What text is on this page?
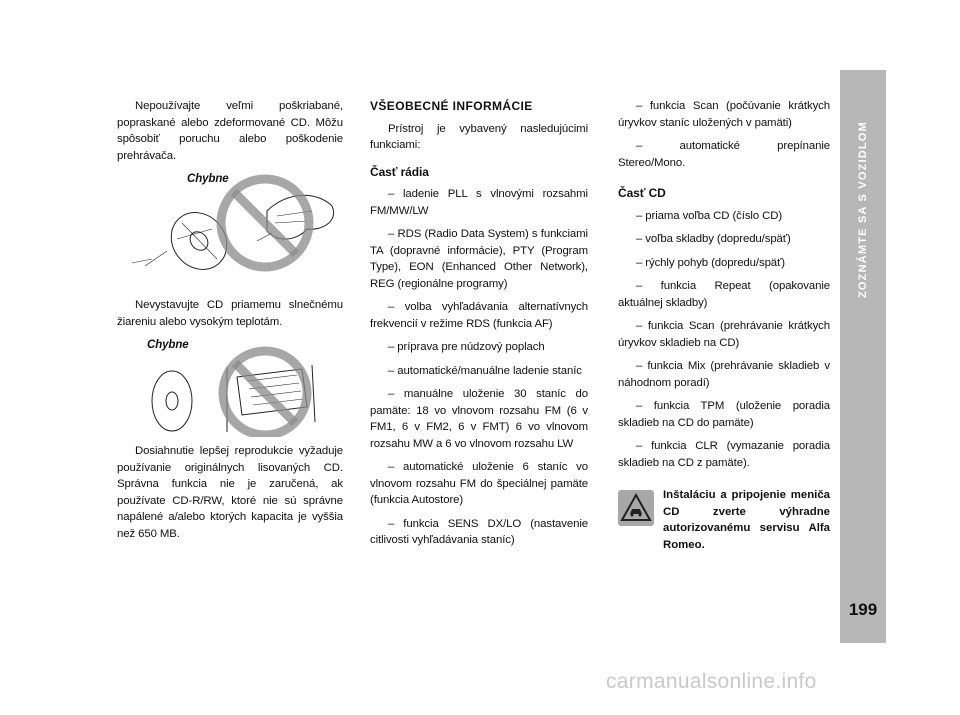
ZOZNÁMTE SA S VOZIDLOM
199

Nepoužívajte veľmi poškriabané, popraskané alebo zdeformované CD. Môžu spôsobiť poruchu alebo poškodenie prehrávača.

Chybne

Nevystavujte CD priamemu slnečnému žiareniu alebo vysokým teplotám.

Chybne

Dosiahnutie lepšej reprodukcie vyžaduje používanie originálnych lisovaných CD. Správna funkcia nie je zaručená, ak používate CD-R/RW, ktoré nie sú správne napálené a/alebo ktorých kapacita je vyššia než 650 MB.

VŠEOBECNÉ INFORMÁCIE

Prístroj je vybavený nasledujúcimi funkciami:

Časť rádia

– ladenie PLL s vlnovými rozsahmi FM/MW/LW

– RDS (Radio Data System) s funkciami TA (dopravné informácie), PTY (Program Type), EON (Enhanced Other Network), REG (regionálne programy)

– volba vyhľadávania alternatívnych frekvencií v režime RDS (funkcia AF)

– príprava pre núdzový poplach

– automatické/manuálne ladenie staníc

– manuálne uloženie 30 staníc do pamäte: 18 vo vlnovom rozsahu FM (6 v FM1, 6 v FM2, 6 v FMT) 6 vo vlnovom rozsahu MW a 6 vo vlnovom rozsahu LW

– automatické uloženie 6 staníc vo vlnovom rozsahu FM do špeciálnej pamäte (funkcia Autostore)

– funkcia SENS DX/LO (nastavenie citlivosti vyhľadávania staníc)

– funkcia Scan (počúvanie krátkych úryvkov staníc uložených v pamäti)

– automatické prepínanie Stereo/Mono.

Časť CD

– priama voľba CD (číslo CD)

– voľba skladby (dopredu/späť)

– rýchly pohyb (dopredu/späť)

– funkcia Repeat (opakovanie aktuálnej skladby)

– funkcia Scan (prehrávanie krátkych úryvkov skladieb na CD)

– funkcia Mix (prehrávanie skladieb v náhodnom poradí)

– funkcia TPM (uloženie poradia skladieb na CD do pamäte)

– funkcia CLR (vymazanie poradia skladieb na CD z pamäte).

Inštaláciu a pripojenie meniča CD zverte výhradne autorizovanému servisu Alfa Romeo.
carmanualsonline.info
